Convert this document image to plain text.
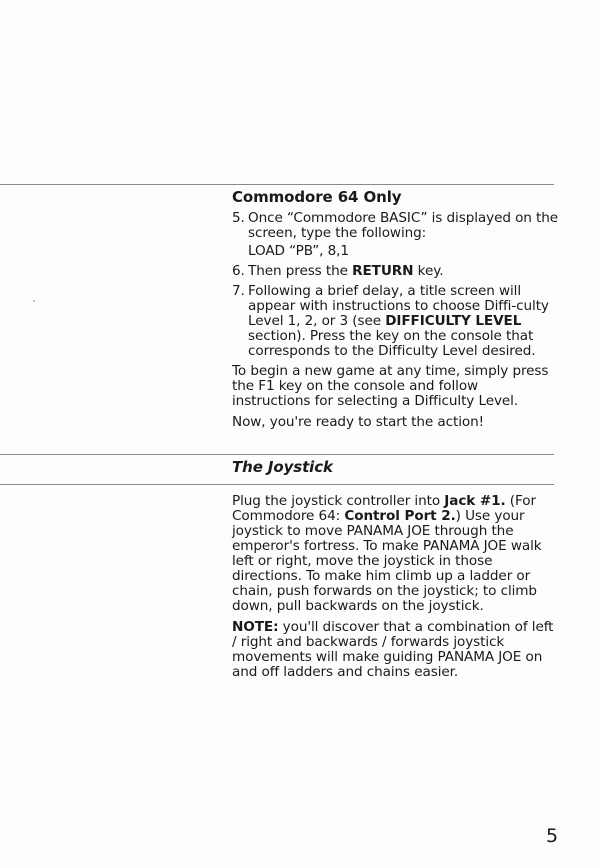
Commodore 64 Only
5. Once “Commodore BASIC” is displayed on the screen, type the following:
LOAD “PB”, 8,1
6. Then press the RETURN key.
7. Following a brief delay, a title screen will appear with instructions to choose Diffi-culty Level 1, 2, or 3 (see DIFFICULTY LEVEL section). Press the key on the console that corresponds to the Difficulty Level desired.

To begin a new game at any time, simply press the F1 key on the console and follow instructions for selecting a Difficulty Level.

Now, you're ready to start the action!

The Joystick

Plug the joystick controller into Jack #1. (For Commodore 64: Control Port 2.) Use your joystick to move PANAMA JOE through the emperor's fortress. To make PANAMA JOE walk left or right, move the joystick in those directions. To make him climb up a ladder or chain, push forwards on the joystick; to climb down, pull backwards on the joystick.

NOTE: you'll discover that a combination of left / right and backwards / forwards joystick movements will make guiding PANAMA JOE on and off ladders and chains easier.

5
